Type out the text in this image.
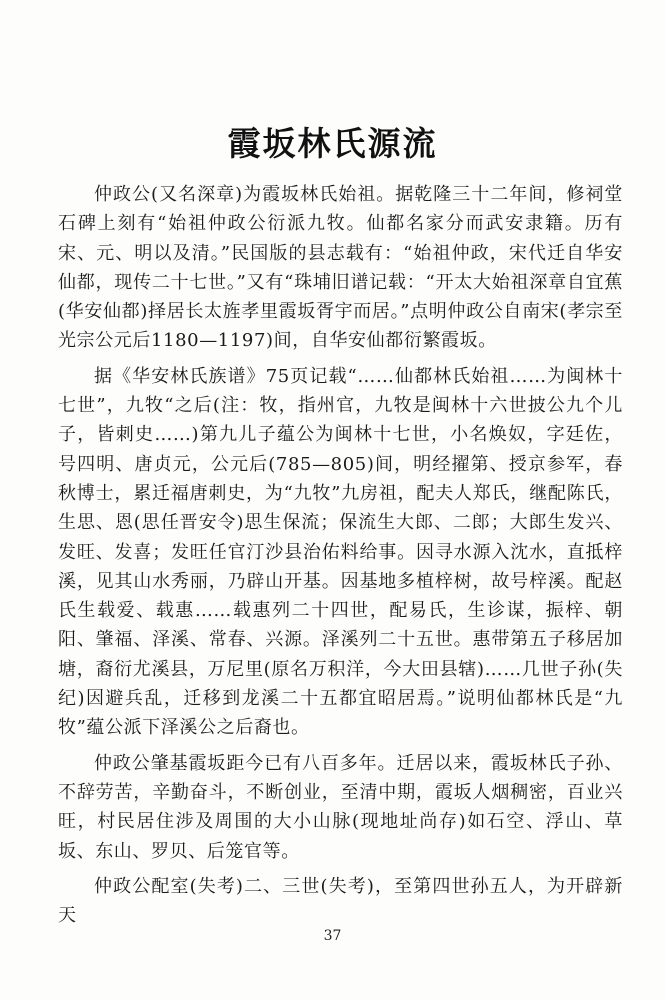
霞坂林氏源流

仲政公(又名深章)为霞坂林氏始祖。据乾隆三十二年间，修祠堂石碑上刻有“始祖仲政公衍派九牧。仙都名家分而武安隶籍。历有宋、元、明以及清。”民国版的县志载有：“始祖仲政，宋代迁自华安仙都，现传二十七世。”又有“珠埔旧谱记载：“开太大始祖深章自宜蕉(华安仙都)择居长太旌孝里霞坂胥宇而居。”点明仲政公自南宋(孝宗至光宗公元后1180—1197)间，自华安仙都衍繁霞坂。

据《华安林氏族谱》75页记载“……仙都林氏始祖……为闽林十七世”，九牧“之后(注：牧，指州官，九牧是闽林十六世披公九个儿子，皆刺史……)第九儿子蕴公为闽林十七世，小名焕奴，字廷佐，号四明、唐贞元，公元后(785—805)间，明经擢第、授京参军，春秋博士，累迁福唐刺史，为“九牧”九房祖，配夫人郑氏，继配陈氏，生思、恩(思任晋安令)思生保流；保流生大郎、二郎；大郎生发兴、发旺、发喜；发旺任官汀沙县治佑料给事。因寻水源入沈水，直抵梓溪，见其山水秀丽，乃辟山开基。因基地多植梓树，故号梓溪。配赵氏生载爱、载惠……载惠列二十四世，配易氏，生诊谋，振梓、朝阳、肇福、泽溪、常春、兴源。泽溪列二十五世。惠带第五子移居加塘，裔衍尤溪县，万尼里(原名万积洋，今大田县辖)……几世子孙(失纪)因避兵乱，迁移到龙溪二十五都宜昭居焉。”说明仙都林氏是“九牧”蕴公派下泽溪公之后裔也。

仲政公肇基霞坂距今已有八百多年。迁居以来，霞坂林氏子孙、不辞劳苦，辛勤奋斗，不断创业，至清中期，霞坂人烟稠密，百业兴旺，村民居住涉及周围的大小山脉(现地址尚存)如石空、浮山、草坂、东山、罗贝、后笼官等。

仲政公配室(失考)二、三世(失考)，至第四世孙五人，为开辟新天

37
